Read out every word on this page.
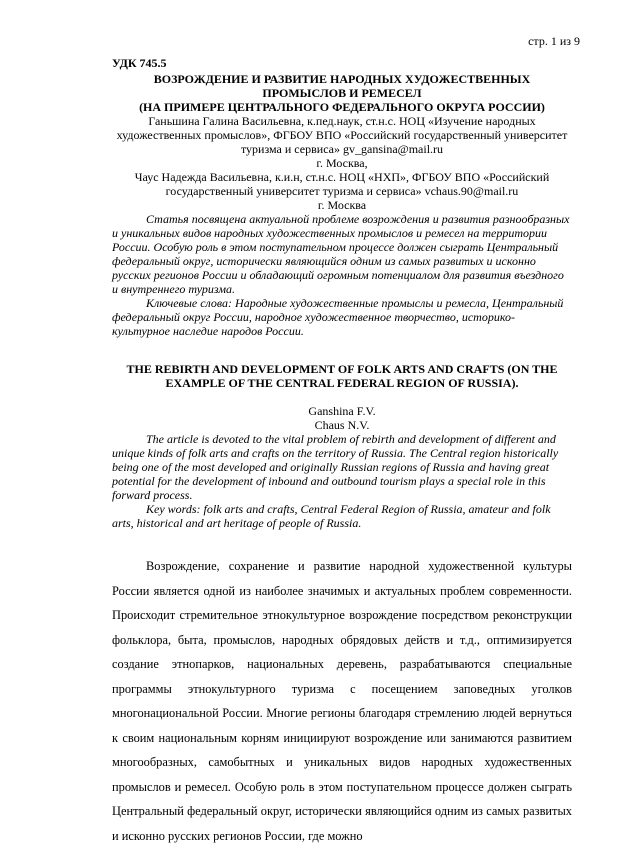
стр. 1 из 9
УДК 745.5
ВОЗРОЖДЕНИЕ И РАЗВИТИЕ НАРОДНЫХ ХУДОЖЕСТВЕННЫХ
ПРОМЫСЛОВ И РЕМЕСЕЛ
(НА ПРИМЕРЕ ЦЕНТРАЛЬНОГО ФЕДЕРАЛЬНОГО ОКРУГА РОССИИ)
Ганьшина Галина Васильевна, к.пед.наук, ст.н.с. НОЦ «Изучение народных художественных промыслов», ФГБОУ ВПО «Российский государственный университет туризма и сервиса» gv_gansina@mail.ru
г. Москва,
Чаус Надежда Васильевна, к.и.н, ст.н.с. НОЦ «НХП», ФГБОУ ВПО «Российский государственный университет туризма и сервиса» vchaus.90@mail.ru
г. Москва
Статья посвящена актуальной проблеме возрождения и развития разнообразных и уникальных видов народных художественных промыслов и ремесел на территории России. Особую роль в этом поступательном процессе должен сыграть Центральный федеральный округ, исторически являющийся одним из самых развитых и исконно русских регионов России и обладающий огромным потенциалом для развития въездного и внутреннего туризма.
Ключевые слова: Народные художественные промыслы и ремесла, Центральный федеральный округ России, народное художественное творчество, историко-культурное наследие народов России.
THE REBIRTH AND DEVELOPMENT OF FOLK ARTS AND CRAFTS (ON THE EXAMPLE OF THE CENTRAL FEDERAL REGION OF RUSSIA).
Ganshina F.V.
Chaus N.V.
The article is devoted to the vital problem of rebirth and development of different and unique kinds of folk arts and crafts on the territory of Russia. The Central region historically being one of the most developed and originally Russian regions of Russia and having great potential for the development of inbound and outbound tourism plays a special role in this forward process.
Key words: folk arts and crafts, Central Federal Region of Russia, amateur and folk arts, historical and art heritage of people of Russia.

Возрождение, сохранение и развитие народной художественной культуры России является одной из наиболее значимых и актуальных проблем современности. Происходит стремительное этнокультурное возрождение посредством реконструкции фольклора, быта, промыслов, народных обрядовых действ и т.д., оптимизируется создание этнопарков, национальных деревень, разрабатываются специальные программы этнокультурного туризма с посещением заповедных уголков многонациональной России. Многие регионы благодаря стремлению людей вернуться к своим национальным корням инициируют возрождение или занимаются развитием многообразных, самобытных и уникальных видов народных художественных промыслов и ремесел. Особую роль в этом поступательном процессе должен сыграть Центральный федеральный округ, исторически являющийся одним из самых развитых и исконно русских регионов России, где можно
